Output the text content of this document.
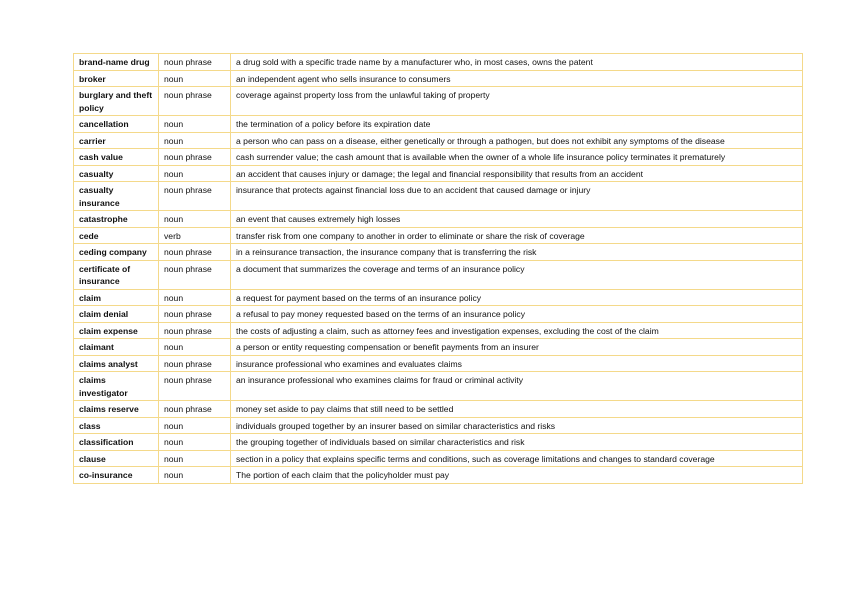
brand-name drug	noun phrase	a drug sold with a specific trade name by a manufacturer who, in most cases, owns the patent
broker	noun	an independent agent who sells insurance to consumers
burglary and theft policy	noun phrase	coverage against property loss from the unlawful taking of property
cancellation	noun	the termination of a policy before its expiration date
carrier	noun	a person who can pass on a disease, either genetically or through a pathogen, but does not exhibit any symptoms of the disease
cash value	noun phrase	cash surrender value; the cash amount that is available when the owner of a whole life insurance policy terminates it prematurely
casualty	noun	an accident that causes injury or damage; the legal and financial responsibility that results from an accident
casualty insurance	noun phrase	insurance that protects against financial loss due to an accident that caused damage or injury
catastrophe	noun	an event that causes extremely high losses
cede	verb	transfer risk from one company to another in order to eliminate or share the risk of coverage
ceding company	noun phrase	in a reinsurance transaction, the insurance company that is transferring the risk
certificate of insurance	noun phrase	a document that summarizes the coverage and terms of an insurance policy
claim	noun	a request for payment based on the terms of an insurance policy
claim denial	noun phrase	a refusal to pay money requested based on the terms of an insurance policy
claim expense	noun phrase	the costs of adjusting a claim, such as attorney fees and investigation expenses, excluding the cost of the claim
claimant	noun	a person or entity requesting compensation or benefit payments from an insurer
claims analyst	noun phrase	insurance professional who examines and evaluates claims
claims investigator	noun phrase	an insurance professional who examines claims for fraud or criminal activity
claims reserve	noun phrase	money set aside to pay claims that still need to be settled
class	noun	individuals grouped together by an insurer based on similar characteristics and risks
classification	noun	the grouping together of individuals based on similar characteristics and risk
clause	noun	section in a policy that explains specific terms and conditions, such as coverage limitations and changes to standard coverage
co-insurance	noun	The portion of each claim that the policyholder must pay
